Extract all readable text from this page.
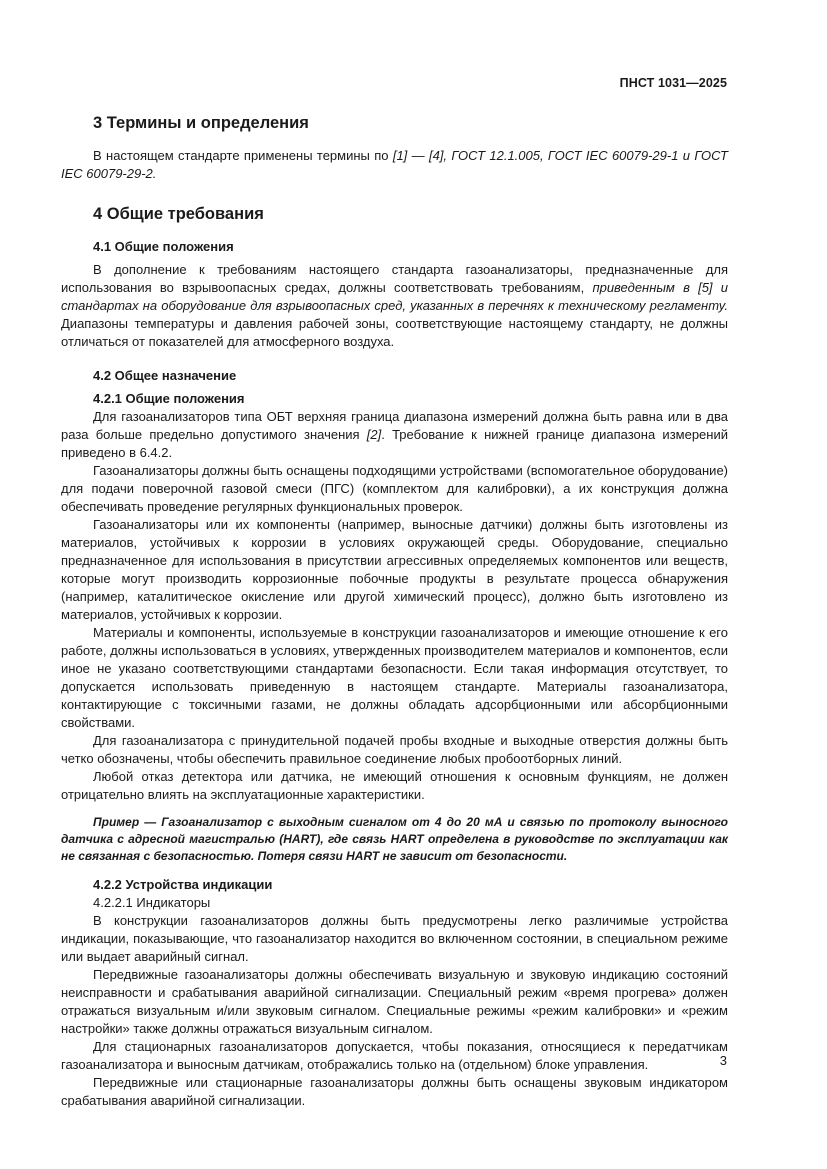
ПНСТ 1031—2025
3 Термины и определения

В настоящем стандарте применены термины по [1] — [4], ГОСТ 12.1.005, ГОСТ IEC 60079-29-1 и ГОСТ IEC 60079-29-2.

4 Общие требования
4.1 Общие положения

В дополнение к требованиям настоящего стандарта газоанализаторы, предназначенные для использования во взрывоопасных средах, должны соответствовать требованиям, приведенным в [5] и стандартах на оборудование для взрывоопасных сред, указанных в перечнях к техническому регламенту. Диапазоны температуры и давления рабочей зоны, соответствующие настоящему стандарту, не должны отличаться от показателей для атмосферного воздуха.

4.2 Общее назначение
4.2.1 Общие положения

Для газоанализаторов типа ОБТ верхняя граница диапазона измерений должна быть равна или в два раза больше предельно допустимого значения [2]. Требование к нижней границе диапазона измерений приведено в 6.4.2.

Газоанализаторы должны быть оснащены подходящими устройствами (вспомогательное оборудование) для подачи поверочной газовой смеси (ПГС) (комплектом для калибровки), а их конструкция должна обеспечивать проведение регулярных функциональных проверок.

Газоанализаторы или их компоненты (например, выносные датчики) должны быть изготовлены из материалов, устойчивых к коррозии в условиях окружающей среды. Оборудование, специально предназначенное для использования в присутствии агрессивных определяемых компонентов или веществ, которые могут производить коррозионные побочные продукты в результате процесса обнаружения (например, каталитическое окисление или другой химический процесс), должно быть изготовлено из материалов, устойчивых к коррозии.

Материалы и компоненты, используемые в конструкции газоанализаторов и имеющие отношение к его работе, должны использоваться в условиях, утвержденных производителем материалов и компонентов, если иное не указано соответствующими стандартами безопасности. Если такая информация отсутствует, то допускается использовать приведенную в настоящем стандарте. Материалы газоанализатора, контактирующие с токсичными газами, не должны обладать адсорбционными или абсорбционными свойствами.

Для газоанализатора с принудительной подачей пробы входные и выходные отверстия должны быть четко обозначены, чтобы обеспечить правильное соединение любых пробоотборных линий.

Любой отказ детектора или датчика, не имеющий отношения к основным функциям, не должен отрицательно влиять на эксплуатационные характеристики.

Пример — Газоанализатор с выходным сигналом от 4 до 20 мА и связью по протоколу выносного датчика с адресной магистралью (HART), где связь HART определена в руководстве по эксплуатации как не связанная с безопасностью. Потеря связи HART не зависит от безопасности.
4.2.2 Устройства индикации
4.2.2.1 Индикаторы

В конструкции газоанализаторов должны быть предусмотрены легко различимые устройства индикации, показывающие, что газоанализатор находится во включенном состоянии, в специальном режиме или выдает аварийный сигнал.

Передвижные газоанализаторы должны обеспечивать визуальную и звуковую индикацию состояний неисправности и срабатывания аварийной сигнализации. Специальный режим «время прогрева» должен отражаться визуальным и/или звуковым сигналом. Специальные режимы «режим калибровки» и «режим настройки» также должны отражаться визуальным сигналом.

Для стационарных газоанализаторов допускается, чтобы показания, относящиеся к передатчикам газоанализатора и выносным датчикам, отображались только на (отдельном) блоке управления.

Передвижные или стационарные газоанализаторы должны быть оснащены звуковым индикатором срабатывания аварийной сигнализации.

3
